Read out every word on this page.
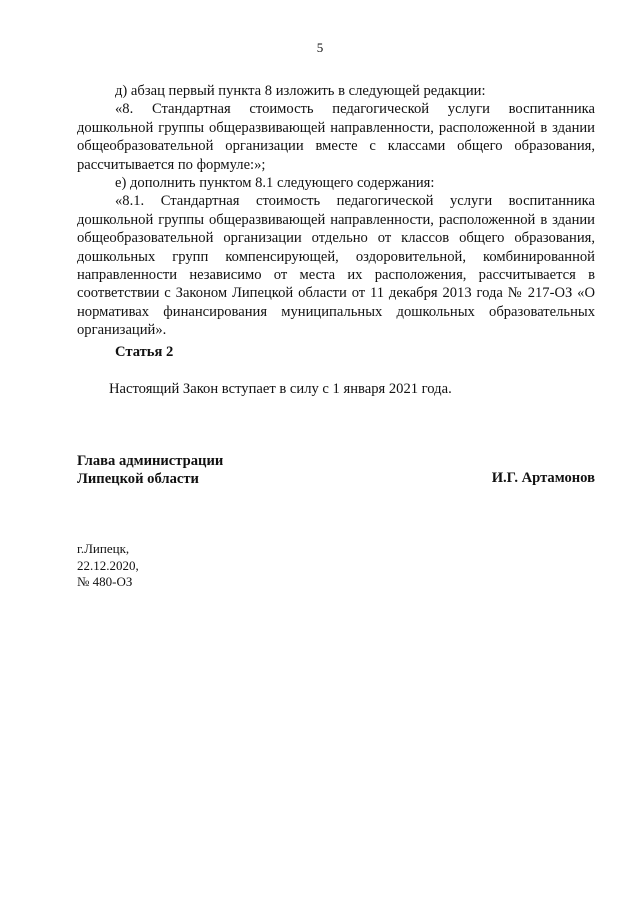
5

д) абзац первый пункта 8 изложить в следующей редакции:

«8. Стандартная стоимость педагогической услуги воспитанника дошкольной группы общеразвивающей направленности, расположенной в здании общеобразовательной организации вместе с классами общего образования, рассчитывается по формуле:»;

е) дополнить пунктом 8.1 следующего содержания:

«8.1. Стандартная стоимость педагогической услуги воспитанника дошкольной группы общеразвивающей направленности, расположенной в здании общеобразовательной организации отдельно от классов общего образования, дошкольных групп компенсирующей, оздоровительной, комбинированной направленности независимо от места их расположения, рассчитывается в соответствии с Законом Липецкой области от 11 декабря 2013 года № 217-ОЗ «О нормативах финансирования муниципальных дошкольных образовательных организаций».

Статья 2
Настоящий Закон вступает в силу с 1 января 2021 года.
Глава администрации
Липецкой области	И.Г. Артамонов
г.Липецк,
22.12.2020,
№ 480-ОЗ
